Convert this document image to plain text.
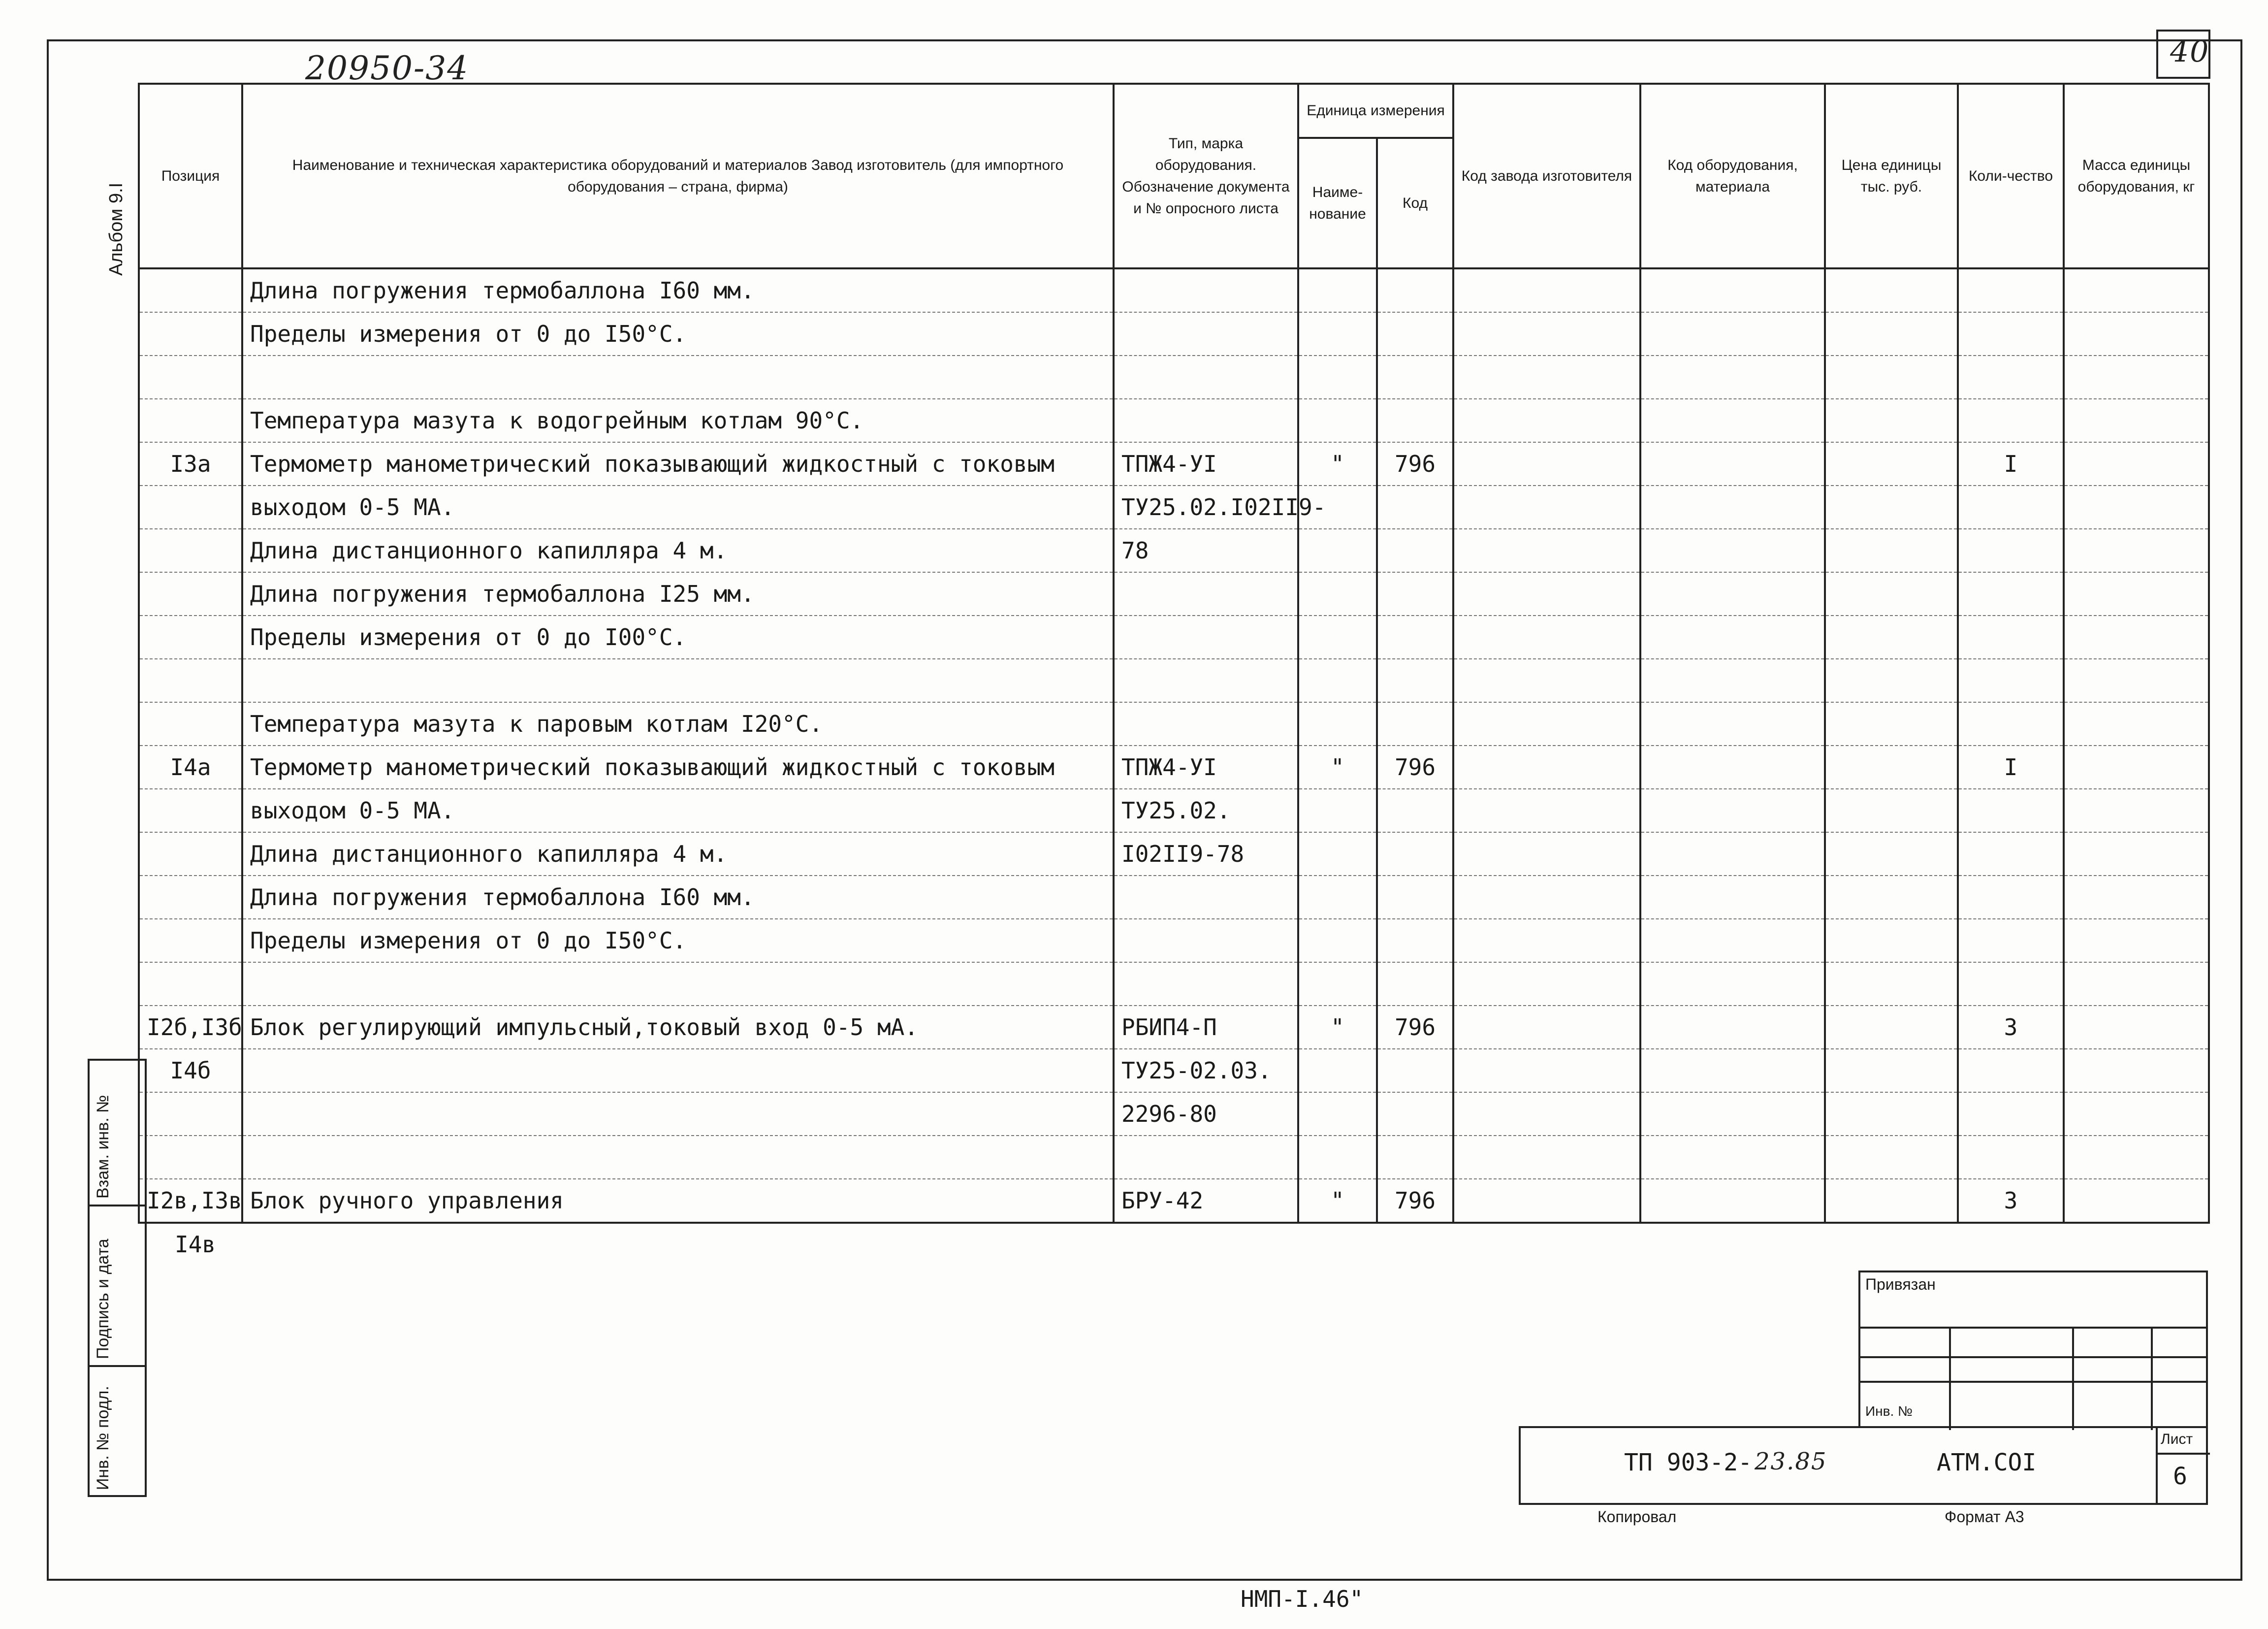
20950-34	40
Альбом 9.I
Позиция	Наименование и техническая характеристика оборудований и материалов Завод изготовитель (для импортного оборудования – страна, фирма)	Тип, марка оборудования. Обозначение документа и № опросного листа	Единица измерения		Код завода изготовителя	Код оборудования, материала	Цена единицы тыс. руб.	Коли-чество	Масса единицы оборудования, кг
			Наиме-нование	Код					
	Длина погружения термобаллона I60 мм.								
	Пределы измерения от 0 до I50°C.								

	Температура мазута к водогрейным котлам 90°C.								
I3а	Термометр манометрический показывающий жидкостный с токовым	ТПЖ4-УI	"	796				I	
	выходом 0-5 МА.	ТУ25.02.I02II9-							
	Длина дистанционного капилляра 4 м.	78							
	Длина погружения термобаллона I25 мм.								
	Пределы измерения от 0 до I00°C.								

	Температура мазута к паровым котлам I20°C.								
I4а	Термометр манометрический показывающий жидкостный с токовым	ТПЖ4-УI	"	796				I	
	выходом 0-5 МА.	ТУ25.02.							
	Длина дистанционного капилляра 4 м.	I02II9-78							
	Длина погружения термобаллона I60 мм.								
	Пределы измерения от 0 до I50°C.								

I2б,I3б	Блок регулирующий импульсный,токовый вход 0-5 мА.	РБИП4-П	"	796				3	
I4б		ТУ25-02.03.							
		2296-80							

I2в,I3в	Блок ручного управления	БРУ-42	"	796				3	
I4в
Взам. инв. №
Подпись и дата
Инв. № подл.
Привязан
Инв. №
ТП 903-2- 23.85	АТМ.СОI
Лист
6
Копировал	Формат А3
НМП-I.46"
